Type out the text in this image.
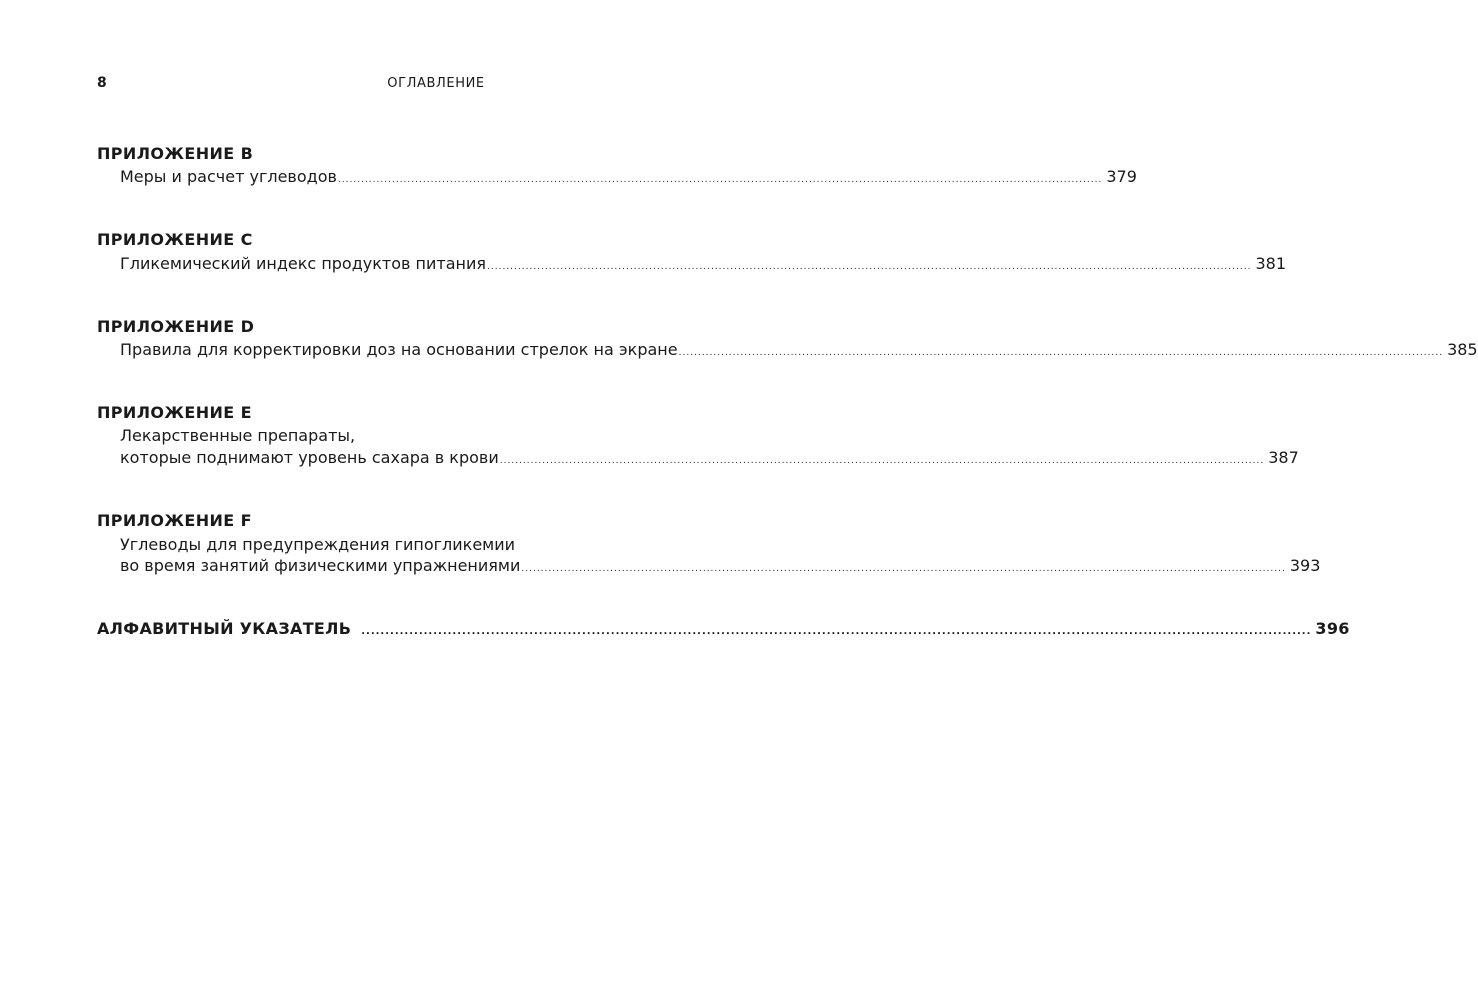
8	ОГЛАВЛЕНИЕ
ПРИЛОЖЕНИЕ B
Меры и расчет углеводов ...................................................................................................................................................................................................... 379
ПРИЛОЖЕНИЕ C
Гликемический индекс продуктов питания ...................................................................................................................................................................................................... 381
ПРИЛОЖЕНИЕ D
Правила для корректировки доз на основании стрелок на экране ...................................................................................................................................................................................................... 385
ПРИЛОЖЕНИЕ E
Лекарственные препараты,
которые поднимают уровень сахара в крови ...................................................................................................................................................................................................... 387
ПРИЛОЖЕНИЕ F
Углеводы для предупреждения гипогликемии
во время занятий физическими упражнениями ...................................................................................................................................................................................................... 393
АЛФАВИТНЫЙ УКАЗАТЕЛЬ ...................................................................................................................................................................................................... 396
